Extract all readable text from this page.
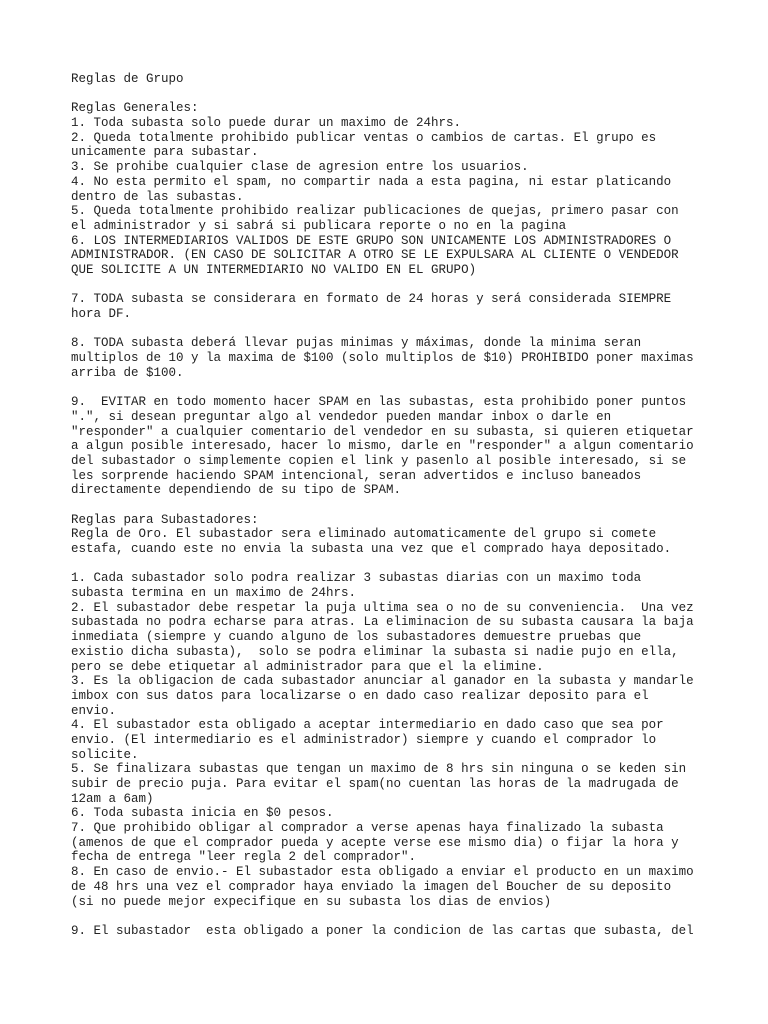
Reglas de Grupo
Reglas Generales:
1. Toda subasta solo puede durar un maximo de 24hrs.
2. Queda totalmente prohibido publicar ventas o cambios de cartas. El grupo es
unicamente para subastar.
3. Se prohibe cualquier clase de agresion entre los usuarios.
4. No esta permito el spam, no compartir nada a esta pagina, ni estar platicando
dentro de las subastas.
5. Queda totalmente prohibido realizar publicaciones de quejas, primero pasar con
el administrador y si sabrá si publicara reporte o no en la pagina
6. LOS INTERMEDIARIOS VALIDOS DE ESTE GRUPO SON UNICAMENTE LOS ADMINISTRADORES O
ADMINISTRADOR. (EN CASO DE SOLICITAR A OTRO SE LE EXPULSARA AL CLIENTE O VENDEDOR
QUE SOLICITE A UN INTERMEDIARIO NO VALIDO EN EL GRUPO)
7. TODA subasta se considerara en formato de 24 horas y será considerada SIEMPRE
hora DF.
8. TODA subasta deberá llevar pujas minimas y máximas, donde la minima seran
multiplos de 10 y la maxima de $100 (solo multiplos de $10) PROHIBIDO poner maximas
arriba de $100.
9.  EVITAR en todo momento hacer SPAM en las subastas, esta prohibido poner puntos
".", si desean preguntar algo al vendedor pueden mandar inbox o darle en
"responder" a cualquier comentario del vendedor en su subasta, si quieren etiquetar
a algun posible interesado, hacer lo mismo, darle en "responder" a algun comentario
del subastador o simplemente copien el link y pasenlo al posible interesado, si se
les sorprende haciendo SPAM intencional, seran advertidos e incluso baneados
directamente dependiendo de su tipo de SPAM.
Reglas para Subastadores:
Regla de Oro. El subastador sera eliminado automaticamente del grupo si comete
estafa, cuando este no envia la subasta una vez que el comprado haya depositado.
1. Cada subastador solo podra realizar 3 subastas diarias con un maximo toda
subasta termina en un maximo de 24hrs.
2. El subastador debe respetar la puja ultima sea o no de su conveniencia.  Una vez
subastada no podra echarse para atras. La eliminacion de su subasta causara la baja
inmediata (siempre y cuando alguno de los subastadores demuestre pruebas que
existio dicha subasta),  solo se podra eliminar la subasta si nadie pujo en ella,
pero se debe etiquetar al administrador para que el la elimine.
3. Es la obligacion de cada subastador anunciar al ganador en la subasta y mandarle
imbox con sus datos para localizarse o en dado caso realizar deposito para el
envio.
4. El subastador esta obligado a aceptar intermediario en dado caso que sea por
envio. (El intermediario es el administrador) siempre y cuando el comprador lo
solicite.
5. Se finalizara subastas que tengan un maximo de 8 hrs sin ninguna o se keden sin
subir de precio puja. Para evitar el spam(no cuentan las horas de la madrugada de
12am a 6am)
6. Toda subasta inicia en $0 pesos.
7. Que prohibido obligar al comprador a verse apenas haya finalizado la subasta
(amenos de que el comprador pueda y acepte verse ese mismo dia) o fijar la hora y
fecha de entrega "leer regla 2 del comprador".
8. En caso de envio.- El subastador esta obligado a enviar el producto en un maximo
de 48 hrs una vez el comprador haya enviado la imagen del Boucher de su deposito
(si no puede mejor expecifique en su subasta los dias de envios)
9. El subastador  esta obligado a poner la condicion de las cartas que subasta, del
